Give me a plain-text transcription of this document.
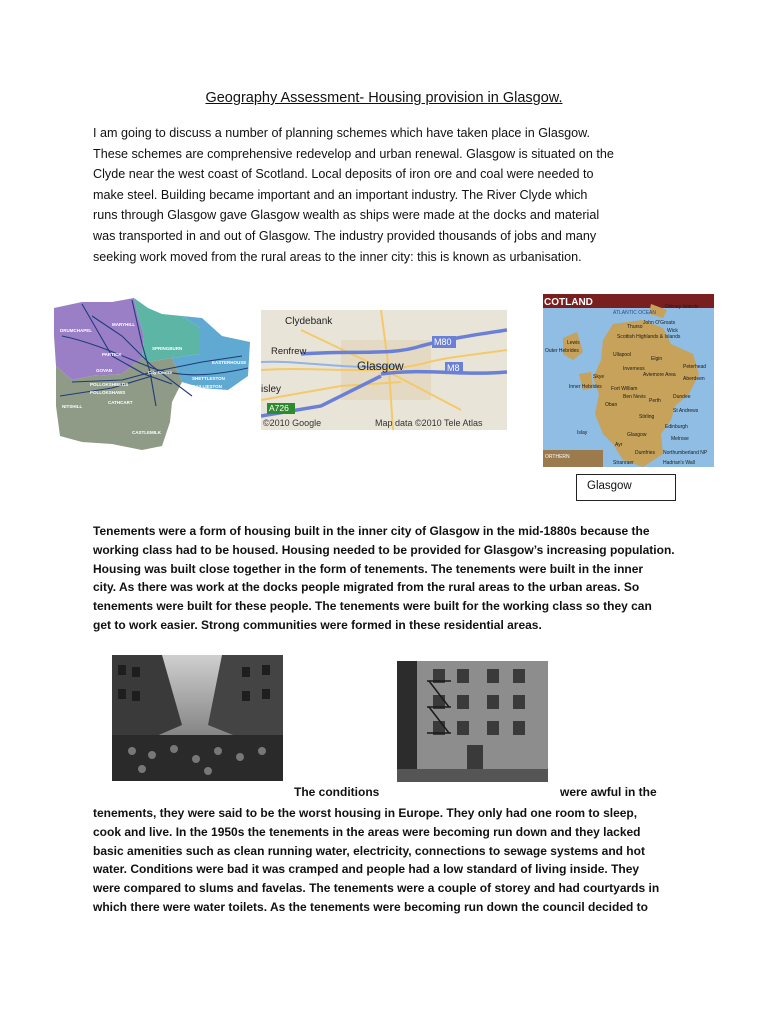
Geography Assessment- Housing provision in Glasgow.
I am going to discuss a number of planning schemes which have taken place in Glasgow.
These schemes are comprehensive redevelop and urban renewal. Glasgow is situated on the
Clyde near the west coast of Scotland. Local deposits of iron ore and coal were needed to
make steel. Building became important and an important industry. The River Clyde which
runs through Glasgow gave Glasgow wealth as ships were made at the docks and material
was transported in and out of Glasgow. The industry provided thousands of jobs and many
seeking work moved from the rural areas to the inner city: this is known as urbanisation.
DRUMCHAPEL
MARYHILL
PARTICK
SPRINGBURN
EASTERHOUSE
GOVAN	City Centre
SHETTLESTON
BAILLIESTON
POLLOKSHIELDS
POLLOKSHAWS
CATHCART
NITSHILL
CASTLEMILK
Clydebank
Renfrew
Glasgow
isley
M80
M8
A726
©2010 Google	Map data ©2010 Tele Atlas
COTLAND
ATLANTIC OCEAN
Orkney Islands
John O'Groats
Thurso
Wick
Scottish Highlands & Islands
Lewis
Outer Hebrides
Ullapool
Elgin
Peterhead
Inverness
Aviemore Area
Aberdeen
Inner Hebrides
Skye
Fort William
Ben Nevis
Oban
Perth
Dundee
St Andrews
Stirling
Edinburgh
Glasgow
Islay
Ayr
Melrose
Dumfries
Stranraer
ORTHERN
Northumberland NP
Hadrian's Wall
Glasgow
Tenements were a form of housing built in the inner city of Glasgow in the mid-1880s because the
working class had to be housed. Housing needed to be provided for Glasgow’s increasing population.
Housing was built close together in the form of tenements. The tenements were built in the inner
city. As there was work at the docks people migrated from the rural areas to the urban areas. So
tenements were built for these people. The tenements were built for the working class so they can
get to work easier. Strong communities were formed in these residential areas.
The conditions	were awful in the
tenements, they were said to be the worst housing in Europe. They only had one room to sleep,
cook and live. In the 1950s the tenements in the areas were becoming run down and they lacked
basic amenities such as clean running water, electricity, connections to sewage systems and hot
water. Conditions were bad it was cramped and people had a low standard of living inside. They
were compared to slums and favelas. The tenements were a couple of storey and had courtyards in
which there were water toilets. As the tenements were becoming run down the council decided to
